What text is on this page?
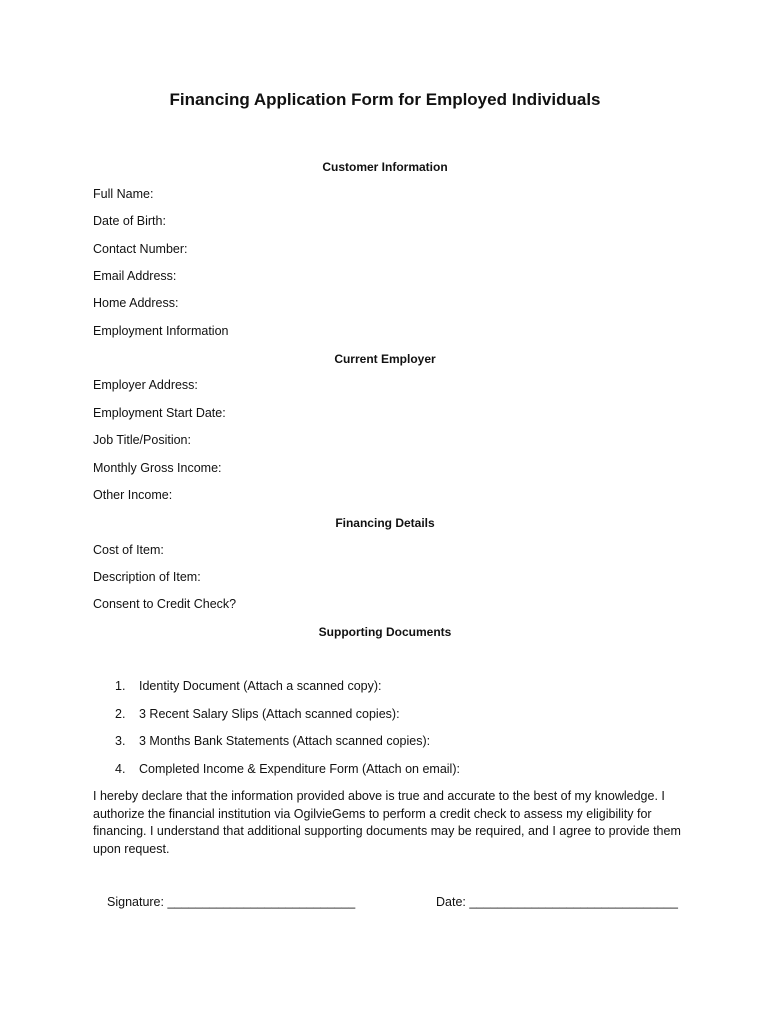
Financing Application Form for Employed Individuals
Customer Information
Full Name:
Date of Birth:
Contact Number:
Email Address:
Home Address:
Employment Information
Current Employer
Employer Address:
Employment Start Date:
Job Title/Position:
Monthly Gross Income:
Other Income:
Financing Details
Cost of Item:
Description of Item:
Consent to Credit Check?
Supporting Documents
1. Identity Document (Attach a scanned copy):
2. 3 Recent Salary Slips (Attach scanned copies):
3. 3 Months Bank Statements (Attach scanned copies):
4. Completed Income & Expenditure Form (Attach on email):
I hereby declare that the information provided above is true and accurate to the best of my knowledge. I authorize the financial institution via OgilvieGems to perform a credit check to assess my eligibility for financing. I understand that additional supporting documents may be required, and I agree to provide them upon request.
Signature: ___________________________	Date: ______________________________
